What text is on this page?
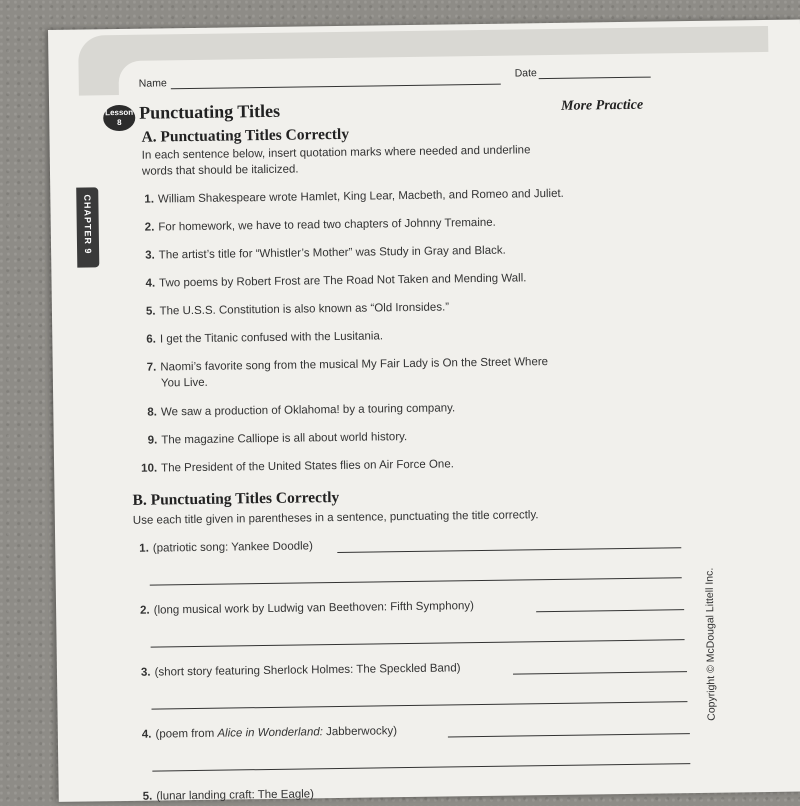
Name
Date
Lesson
8 Punctuating Titles	More Practice
CHAPTER 9
A. Punctuating Titles Correctly
In each sentence below, insert quotation marks where needed and underline
words that should be italicized.
1. William Shakespeare wrote Hamlet, King Lear, Macbeth, and Romeo and Juliet.
2. For homework, we have to read two chapters of Johnny Tremaine.
3. The artist’s title for “Whistler’s Mother” was Study in Gray and Black.
4. Two poems by Robert Frost are The Road Not Taken and Mending Wall.
5. The U.S.S. Constitution is also known as “Old Ironsides.”
6. I get the Titanic confused with the Lusitania.
7. Naomi’s favorite song from the musical My Fair Lady is On the Street Where
You Live.
8. We saw a production of Oklahoma! by a touring company.
9. The magazine Calliope is all about world history.
10. The President of the United States flies on Air Force One.
B. Punctuating Titles Correctly
Use each title given in parentheses in a sentence, punctuating the title correctly.
1. (patriotic song: Yankee Doodle)
2. (long musical work by Ludwig van Beethoven: Fifth Symphony)
3. (short story featuring Sherlock Holmes: The Speckled Band)
4. (poem from Alice in Wonderland: Jabberwocky)
5. (lunar landing craft: The Eagle)
Copyright © McDougal Littell Inc.
